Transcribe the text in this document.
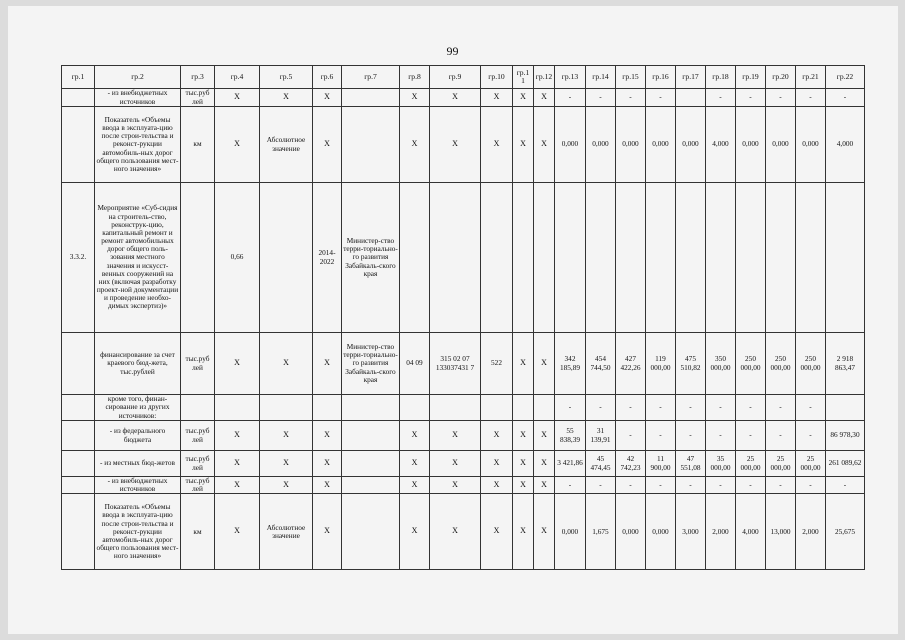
99
гр.1	гр.2	гр.3	гр.4	гр.5	гр.6	гр.7	гр.8	гр.9	гр.10	гр.1 1	гр.12	гр.13	гр.14	гр.15	гр.16	гр.17	гр.18	гр.19	гр.20	гр.21	гр.22
	- из внебюджетных источников	тыс.руб лей	X	X	X		X	X	X	X	X	-	-	-	-		-	-	-	-	-
	Показатель «Объемы ввода в эксплуата-цию после строи-тельства и реконст-рукции автомобиль-ных дорог общего пользования мест-ного значения»	км	X	Абсолютное значение	X		X	X	X	X	X	0,000	0,000	0,000	0,000	0,000	4,000	0,000	0,000	0,000	4,000
3.3.2.	Мероприятие «Суб-сидия на строитель-ство, реконструк-цию, капитальный ремонт и ремонт автомобильных дорог общего поль-зования местного значения и искусст-венных сооружений на них (включая разработку проект-ной документации и проведение необхо-димых экспертиз)»		0,66		2014-2022	Министер-ство терри-ториально-го развития Забайкаль-ского края															
	финансирование за счет краевого бюд-жета, тыс.рублей	тыс.руб лей	X	X	X	Министер-ство терри-ториально-го развития Забайкаль-ского края	04 09	315 02 07 133037431 7	522	X	X	342 185,89	454 744,50	427 422,26	119 000,00	475 510,82	350 000,00	250 000,00	250 000,00	250 000,00	2 918 863,47
	кроме того, финан-сирование из других источников:											-	-	-	-	-	-	-	-	-	
	- из федерального бюджета	тыс.руб лей	X	X	X		X	X	X	X	X	55 838,39	31 139,91	-	-	-	-	-	-	-	86 978,30
	- из местных бюд-жетов	тыс.руб лей	X	X	X		X	X	X	X	X	3 421,86	45 474,45	42 742,23	11 900,00	47 551,08	35 000,00	25 000,00	25 000,00	25 000,00	261 089,62
	- из внебюджетных источников	тыс.руб лей	X	X	X		X	X	X	X	X	-	-	-	-	-	-	-	-	-	-
	Показатель «Объемы ввода в эксплуата-цию после строи-тельства и реконст-рукции автомобиль-ных дорог общего пользования мест-ного значения»	км	X	Абсолютное значение	X		X	X	X	X	X	0,000	1,675	0,000	0,000	3,000	2,000	4,000	13,000	2,000	25,675
